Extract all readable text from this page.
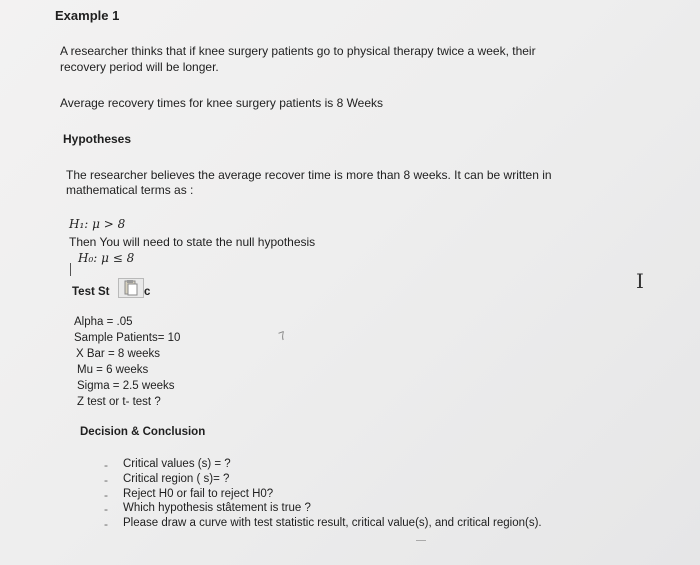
Example 1
A researcher thinks that if knee surgery patients go to physical therapy twice a week, their
recovery period will be longer.
Average recovery times for knee surgery patients is 8 Weeks
Hypotheses
The researcher believes the average recover time is more than 8 weeks. It can be written in
mathematical terms as :
H₁: μ > 8
Then You will need to state the null hypothesis
H₀: μ ≤ 8
Test St	c
Alpha = .05
Sample Patients= 10
X Bar = 8 weeks
Mu = 6 weeks
Sigma = 2.5 weeks
Z test or t- test ?
7
Decision & Conclusion
- Critical values (s) = ?
- Critical region ( s)= ?
- Reject H0 or fail to reject H0?
- Which hypothesis stâtement is true ?
- Please draw a curve with test statistic result, critical value(s), and critical region(s).
I
